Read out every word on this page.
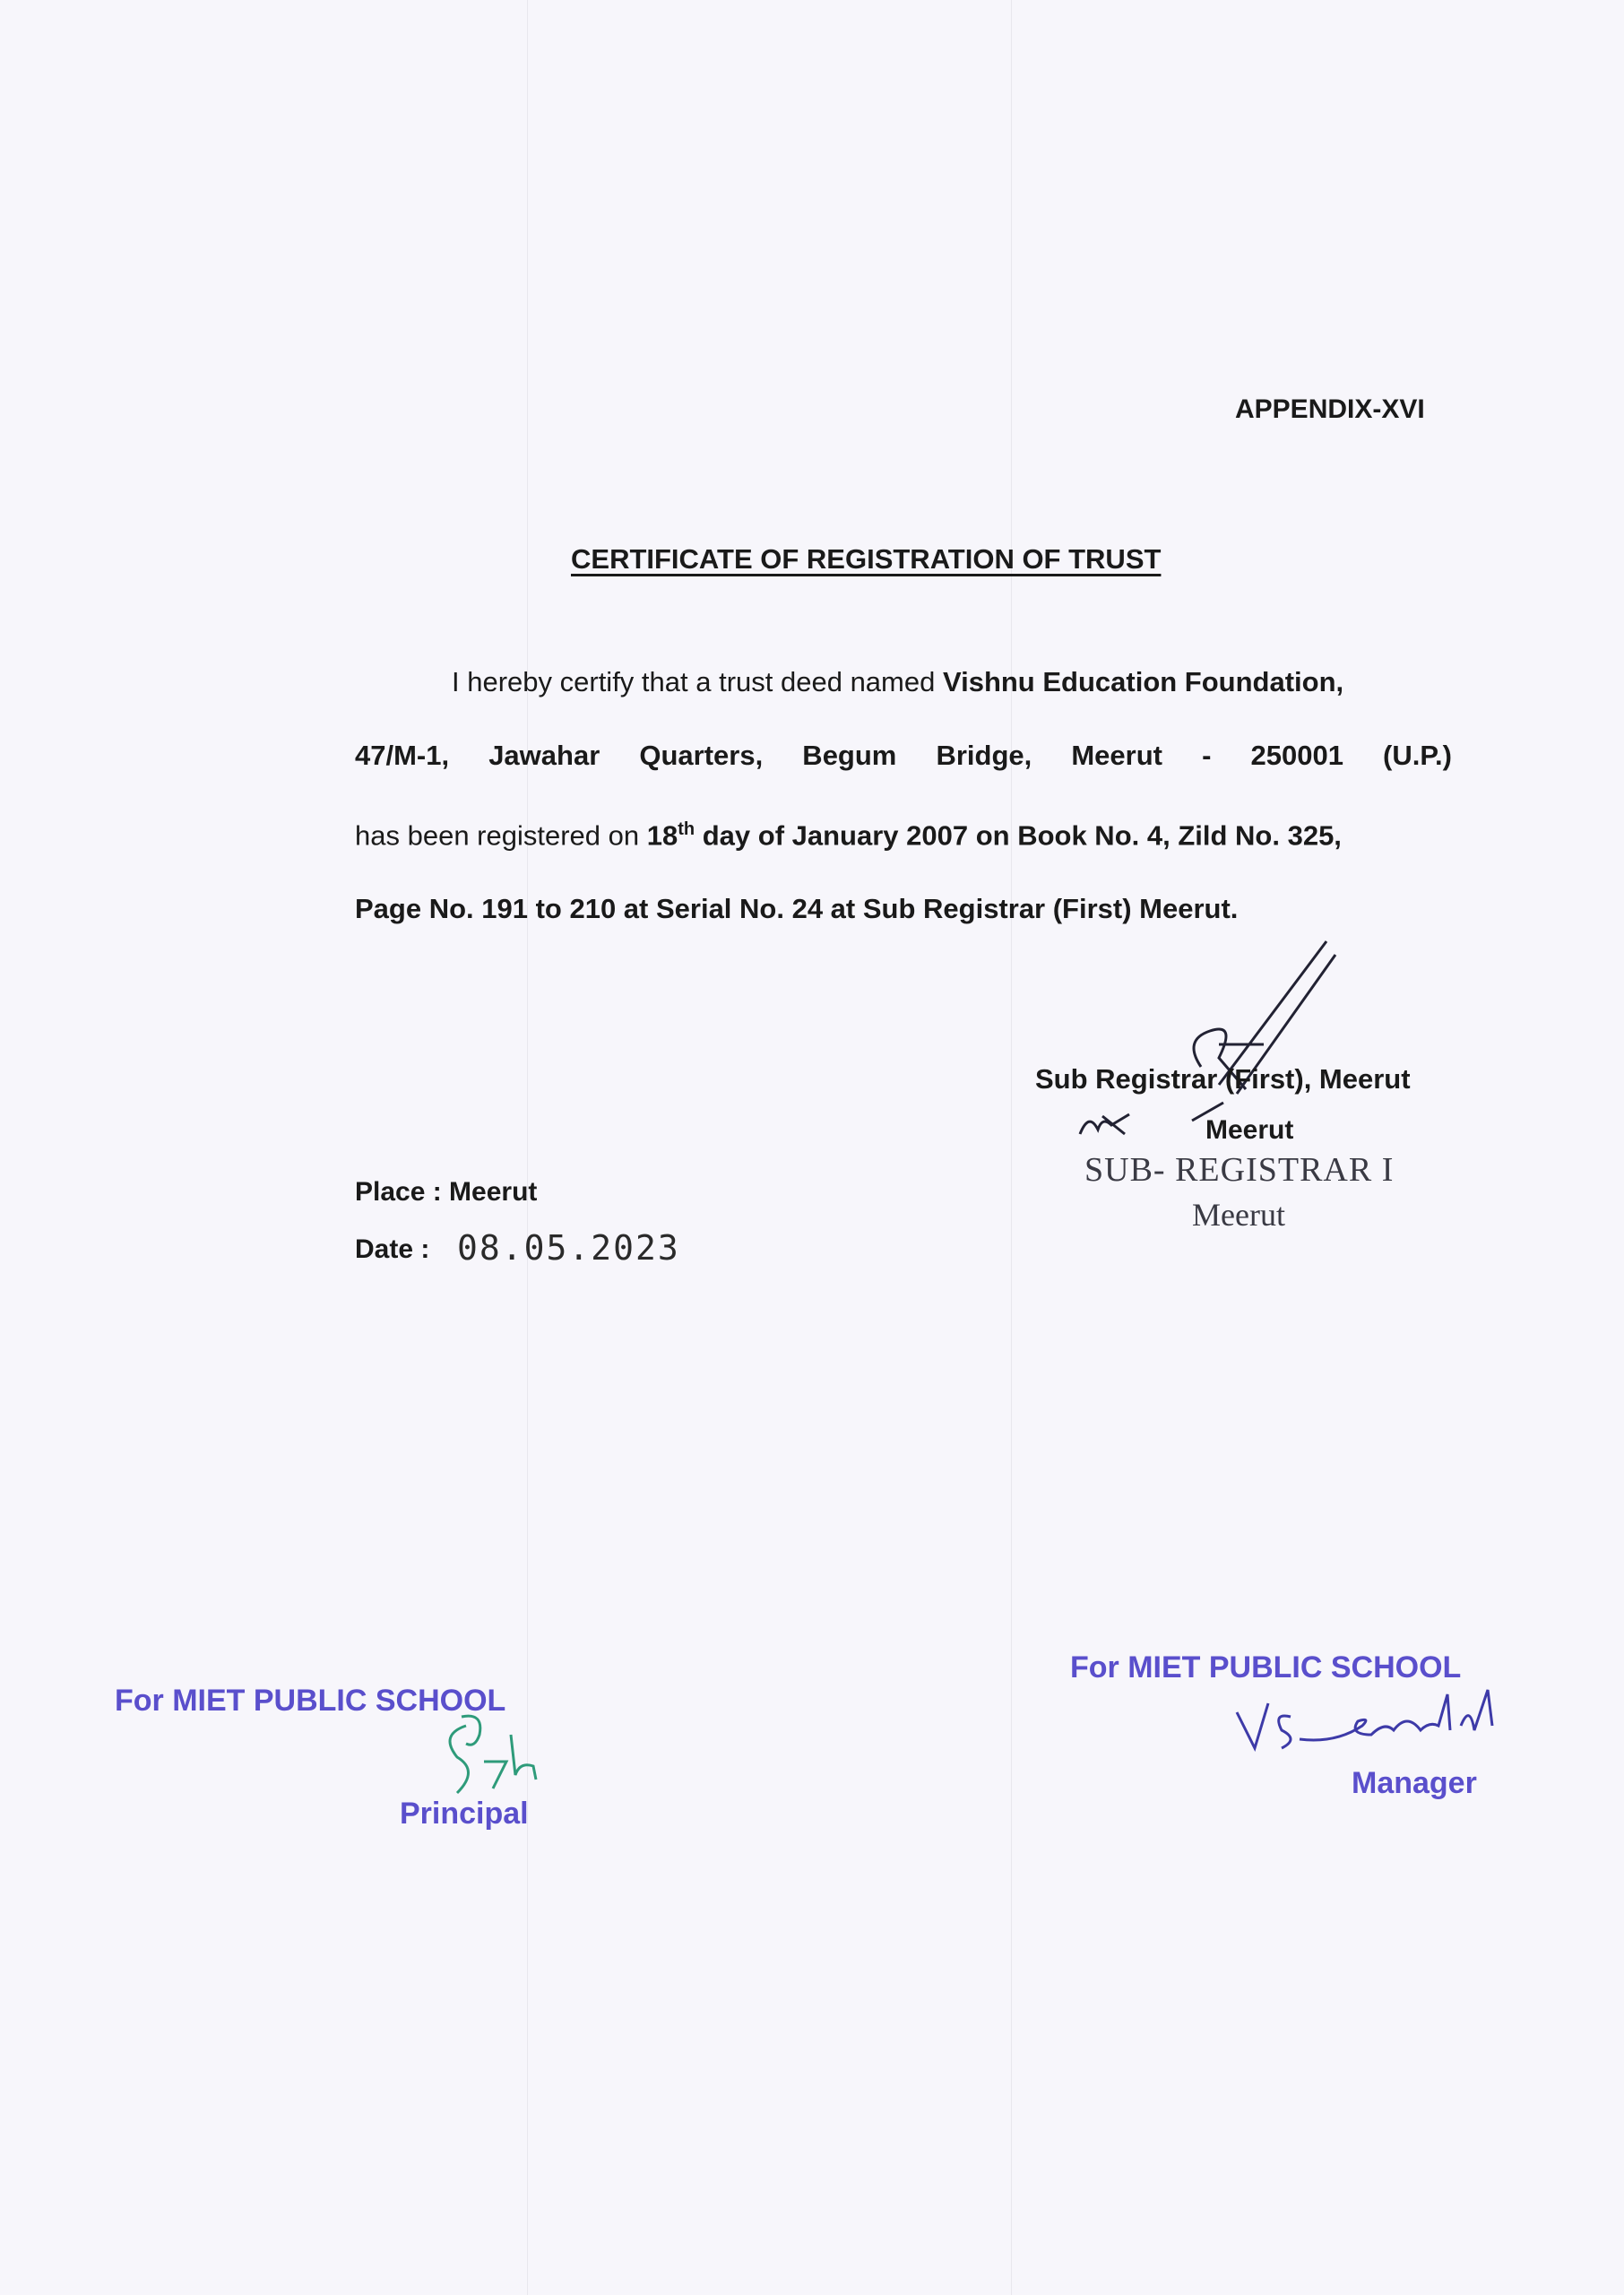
APPENDIX-XVI
CERTIFICATE OF REGISTRATION OF TRUST
I hereby certify that a trust deed named Vishnu Education Foundation,
47/M-1, Jawahar Quarters, Begum Bridge, Meerut - 250001 (U.P.)
has been registered on 18th day of January 2007 on Book No. 4, Zild No. 325,
Page No. 191 to 210 at Serial No. 24 at Sub Registrar (First) Meerut.
Sub Registrar (First), Meerut
Meerut
SUB- REGISTRAR I
Meerut
Place : Meerut
Date : 08.05.2023
For MIET PUBLIC SCHOOL
Principal
For MIET PUBLIC SCHOOL
Manager
